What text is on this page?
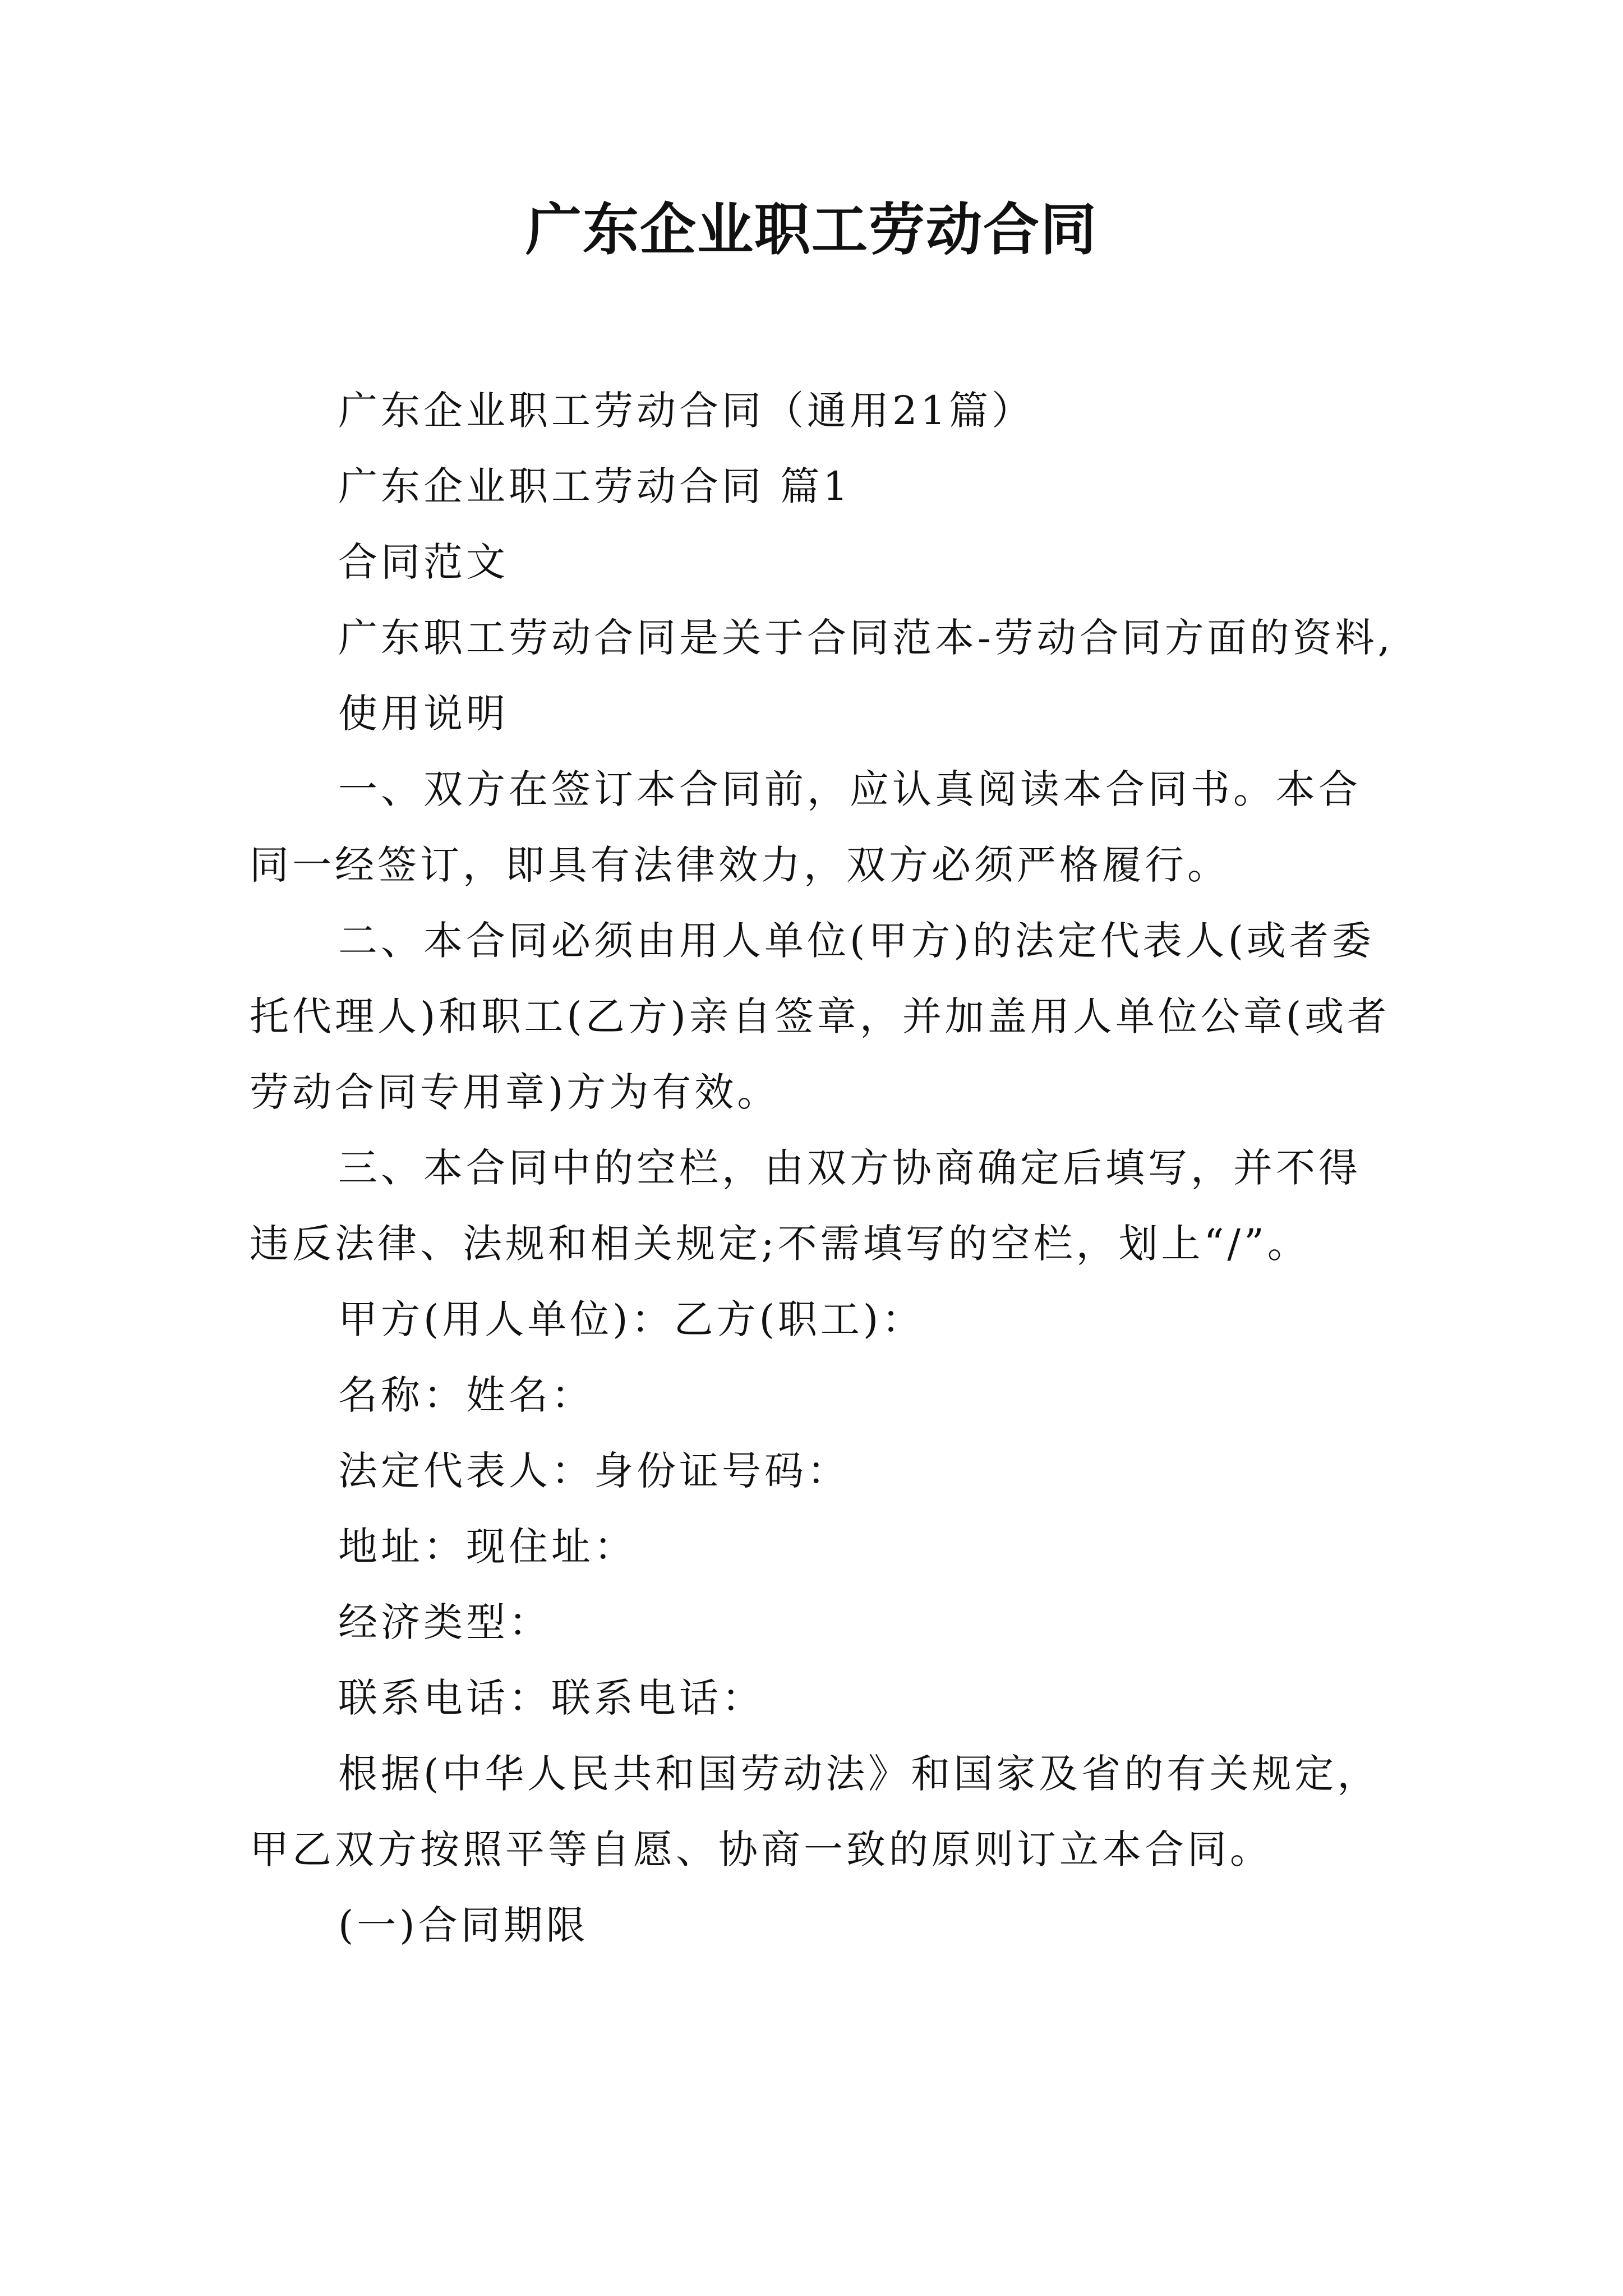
广东企业职工劳动合同

广东企业职工劳动合同（通用21篇）

广东企业职工劳动合同 篇1

合同范文

广东职工劳动合同是关于合同范本-劳动合同方面的资料,

使用说明

一、双方在签订本合同前，应认真阅读本合同书。本合同一经签订，即具有法律效力，双方必须严格履行。

二、本合同必须由用人单位(甲方)的法定代表人(或者委托代理人)和职工(乙方)亲自签章，并加盖用人单位公章(或者劳动合同专用章)方为有效。

三、本合同中的空栏，由双方协商确定后填写，并不得违反法律、法规和相关规定;不需填写的空栏，划上“/”。

甲方(用人单位)：乙方(职工)：

名称：姓名：

法定代表人：身份证号码：

地址：现住址：

经济类型：

联系电话：联系电话：

根据(中华人民共和国劳动法》和国家及省的有关规定，甲乙双方按照平等自愿、协商一致的原则订立本合同。

(一)合同期限
